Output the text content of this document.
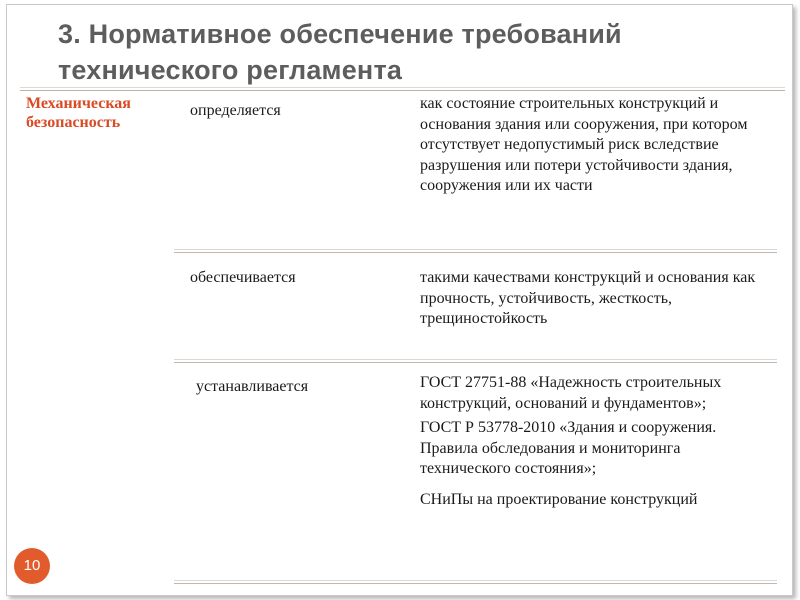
3. Нормативное обеспечение требований технического регламента
Механическая безопасность
определяется	как состояние строительных конструкций и основания здания или сооружения, при котором отсутствует недопустимый риск вследствие разрушения или потери устойчивости здания, сооружения или их части

обеспечивается	такими качествами конструкций и основания как прочность, устойчивость, жесткость, трещиностойкость

устанавливается	ГОСТ 27751-88 «Надежность строительных конструкций, оснований и фундаментов»;

ГОСТ Р 53778-2010 «Здания и сооружения. Правила обследования и мониторинга технического состояния»;

СНиПы на проектирование конструкций

10
